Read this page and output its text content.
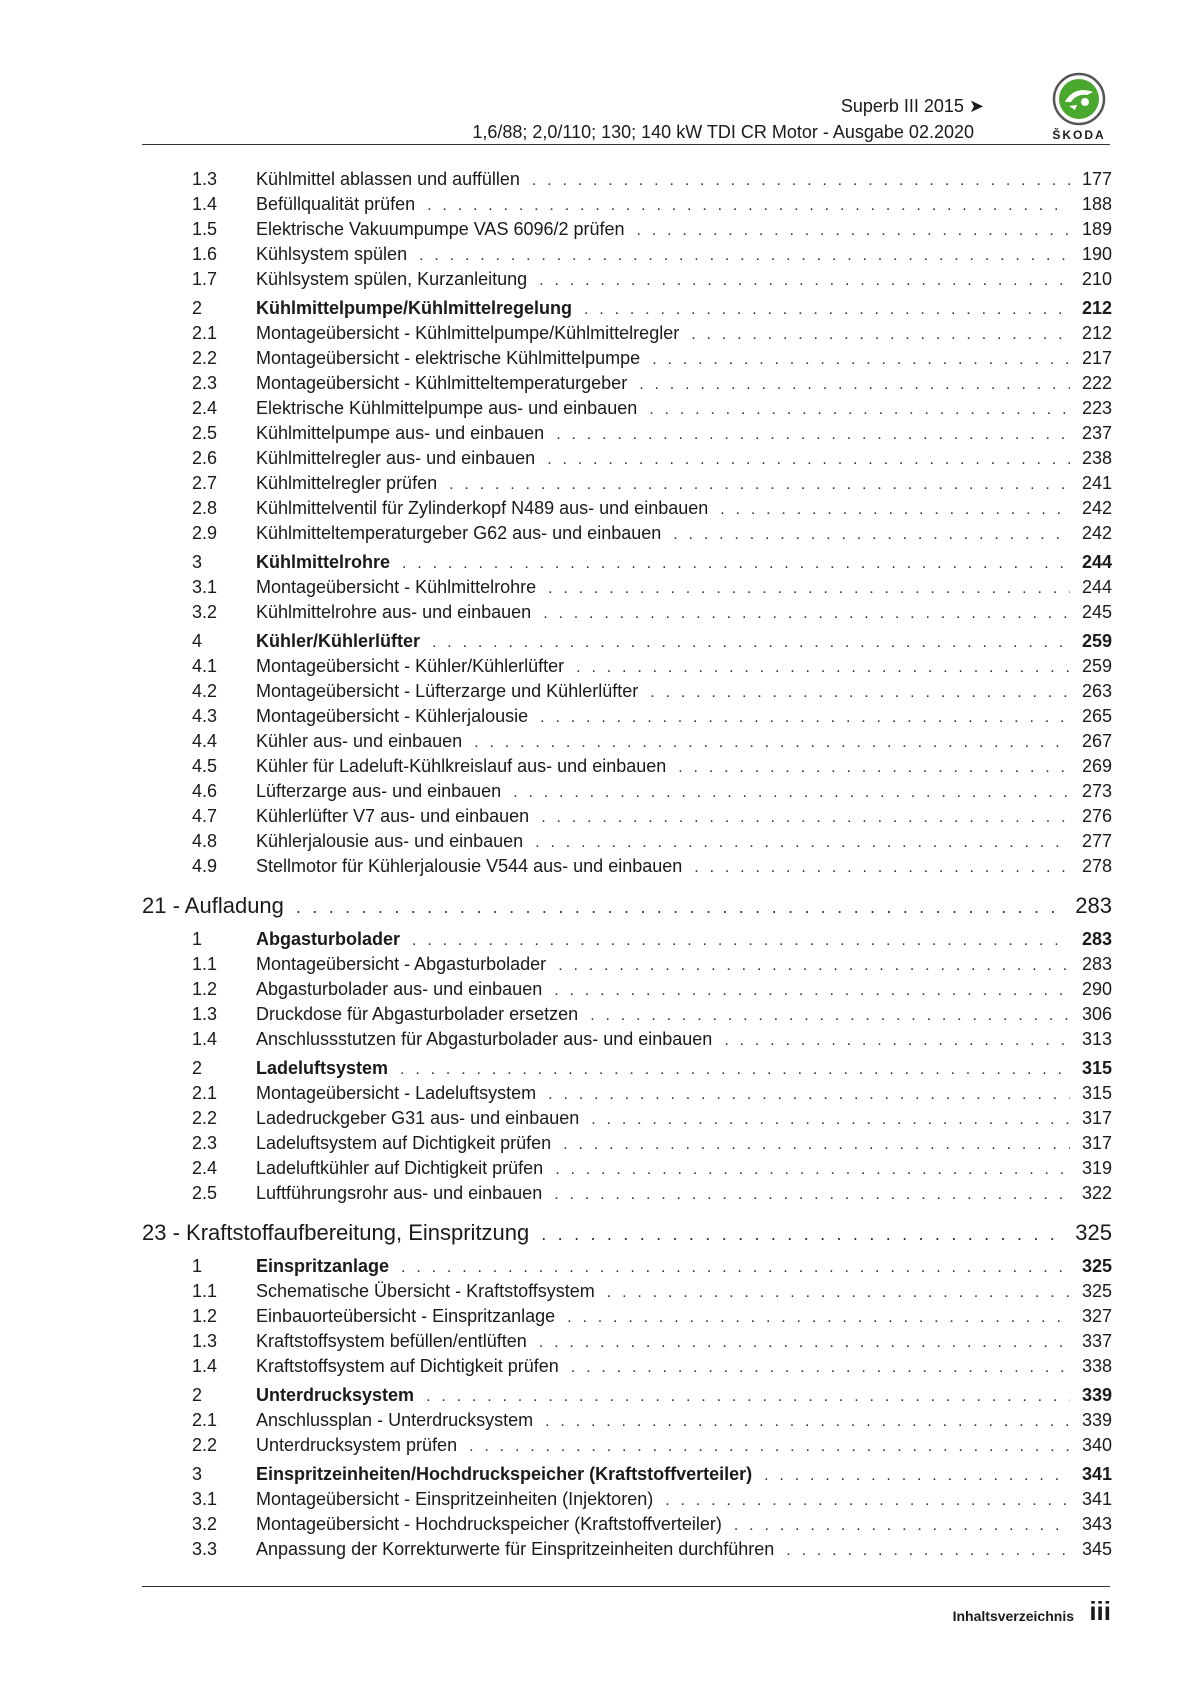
Superb III 2015 ➤
1,6/88; 2,0/110; 130; 140 kW TDI CR Motor - Ausgabe 02.2020	ŠKODA
1.3	Kühlmittel ablassen und auffüllen . . .	177
1.4	Befüllqualität prüfen . . .	188
1.5	Elektrische Vakuumpumpe VAS 6096/2 prüfen . . .	189
1.6	Kühlsystem spülen . . .	190
1.7	Kühlsystem spülen, Kurzanleitung . . .	210
2	Kühlmittelpumpe/Kühlmittelregelung . . .	212
2.1	Montageübersicht - Kühlmittelpumpe/Kühlmittelregler . . .	212
2.2	Montageübersicht - elektrische Kühlmittelpumpe . . .	217
2.3	Montageübersicht - Kühlmitteltemperaturgeber . . .	222
2.4	Elektrische Kühlmittelpumpe aus- und einbauen . . .	223
2.5	Kühlmittelpumpe aus- und einbauen . . .	237
2.6	Kühlmittelregler aus- und einbauen . . .	238
2.7	Kühlmittelregler prüfen . . .	241
2.8	Kühlmittelventil für Zylinderkopf N489 aus- und einbauen . . .	242
2.9	Kühlmitteltemperaturgeber G62 aus- und einbauen . . .	242
3	Kühlmittelrohre . . .	244
3.1	Montageübersicht - Kühlmittelrohre . . .	244
3.2	Kühlmittelrohre aus- und einbauen . . .	245
4	Kühler/Kühlerlüfter . . .	259
4.1	Montageübersicht - Kühler/Kühlerlüfter . . .	259
4.2	Montageübersicht - Lüfterzarge und Kühlerlüfter . . .	263
4.3	Montageübersicht - Kühlerjalousie . . .	265
4.4	Kühler aus- und einbauen . . .	267
4.5	Kühler für Ladeluft-Kühlkreislauf aus- und einbauen . . .	269
4.6	Lüfterzarge aus- und einbauen . . .	273
4.7	Kühlerlüfter V7 aus- und einbauen . . .	276
4.8	Kühlerjalousie aus- und einbauen . . .	277
4.9	Stellmotor für Kühlerjalousie V544 aus- und einbauen . . .	278
21 - Aufladung . . .	283
1	Abgasturbolader . . .	283
1.1	Montageübersicht - Abgasturbolader . . .	283
1.2	Abgasturbolader aus- und einbauen . . .	290
1.3	Druckdose für Abgasturbolader ersetzen . . .	306
1.4	Anschlussstutzen für Abgasturbolader aus- und einbauen . . .	313
2	Ladeluftsystem . . .	315
2.1	Montageübersicht - Ladeluftsystem . . .	315
2.2	Ladedruckgeber G31 aus- und einbauen . . .	317
2.3	Ladeluftsystem auf Dichtigkeit prüfen . . .	317
2.4	Ladeluftkühler auf Dichtigkeit prüfen . . .	319
2.5	Luftführungsrohr aus- und einbauen . . .	322
23 - Kraftstoffaufbereitung, Einspritzung . . .	325
1	Einspritzanlage . . .	325
1.1	Schematische Übersicht - Kraftstoffsystem . . .	325
1.2	Einbauorteübersicht - Einspritzanlage . . .	327
1.3	Kraftstoffsystem befüllen/entlüften . . .	337
1.4	Kraftstoffsystem auf Dichtigkeit prüfen . . .	338
2	Unterdrucksystem . . .	339
2.1	Anschlussplan - Unterdrucksystem . . .	339
2.2	Unterdrucksystem prüfen . . .	340
3	Einspritzeinheiten/Hochdruckspeicher (Kraftstoffverteiler) . . .	341
3.1	Montageübersicht - Einspritzeinheiten (Injektoren) . . .	341
3.2	Montageübersicht - Hochdruckspeicher (Kraftstoffverteiler) . . .	343
3.3	Anpassung der Korrekturwerte für Einspritzeinheiten durchführen . . .	345
Inhaltsverzeichnis iii
